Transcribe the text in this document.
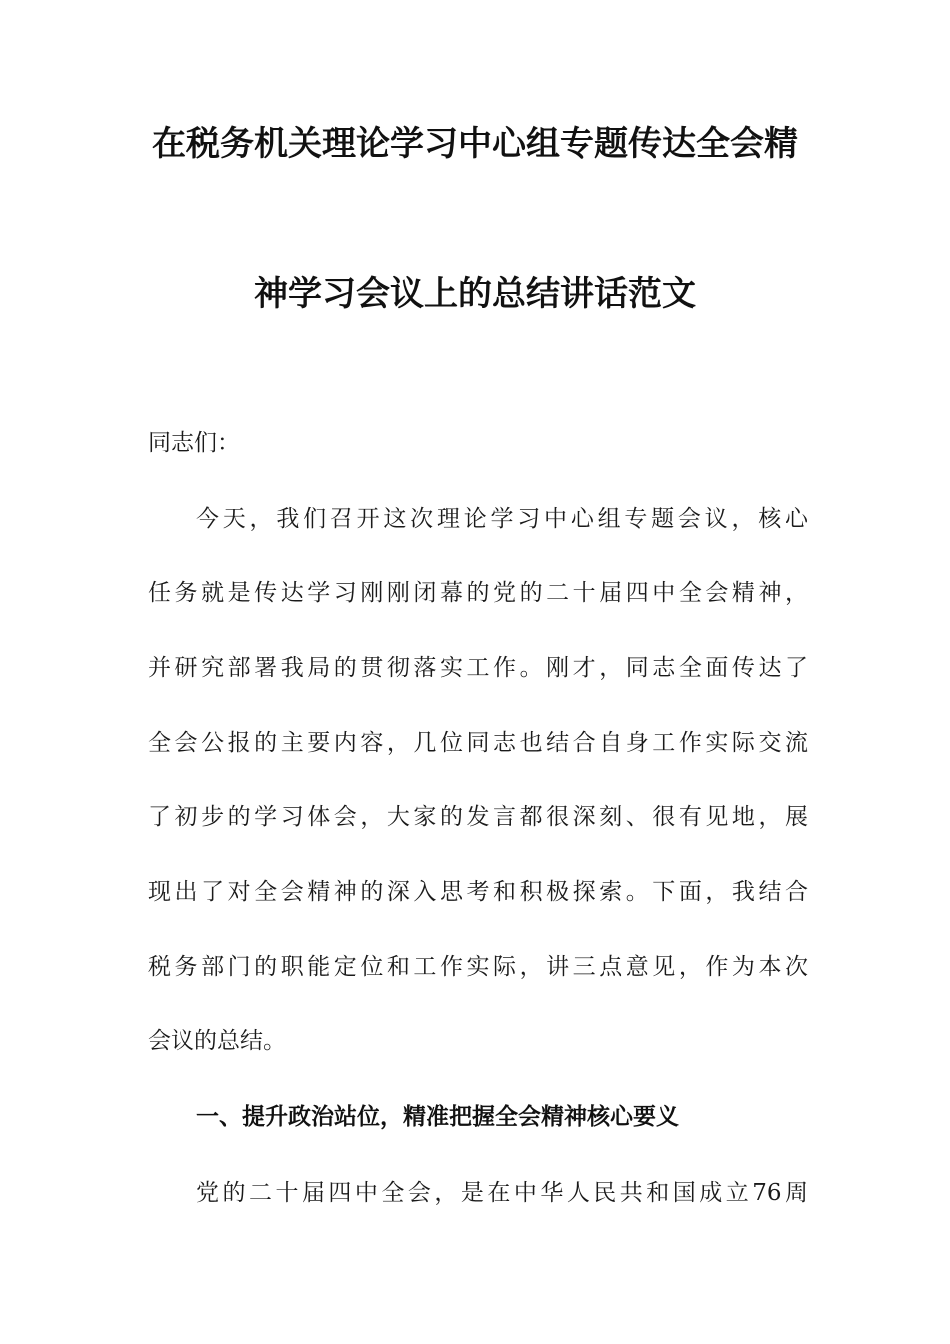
在税务机关理论学习中心组专题传达全会精
神学习会议上的总结讲话范文
同志们：
今天，我们召开这次理论学习中心组专题会议，核心
任务就是传达学习刚刚闭幕的党的二十届四中全会精神，
并研究部署我局的贯彻落实工作。刚才，同志全面传达了
全会公报的主要内容，几位同志也结合自身工作实际交流
了初步的学习体会，大家的发言都很深刻、很有见地，展
现出了对全会精神的深入思考和积极探索。下面，我结合
税务部门的职能定位和工作实际，讲三点意见，作为本次
会议的总结。
一、提升政治站位，精准把握全会精神核心要义
党的二十届四中全会，是在中华人民共和国成立76周
